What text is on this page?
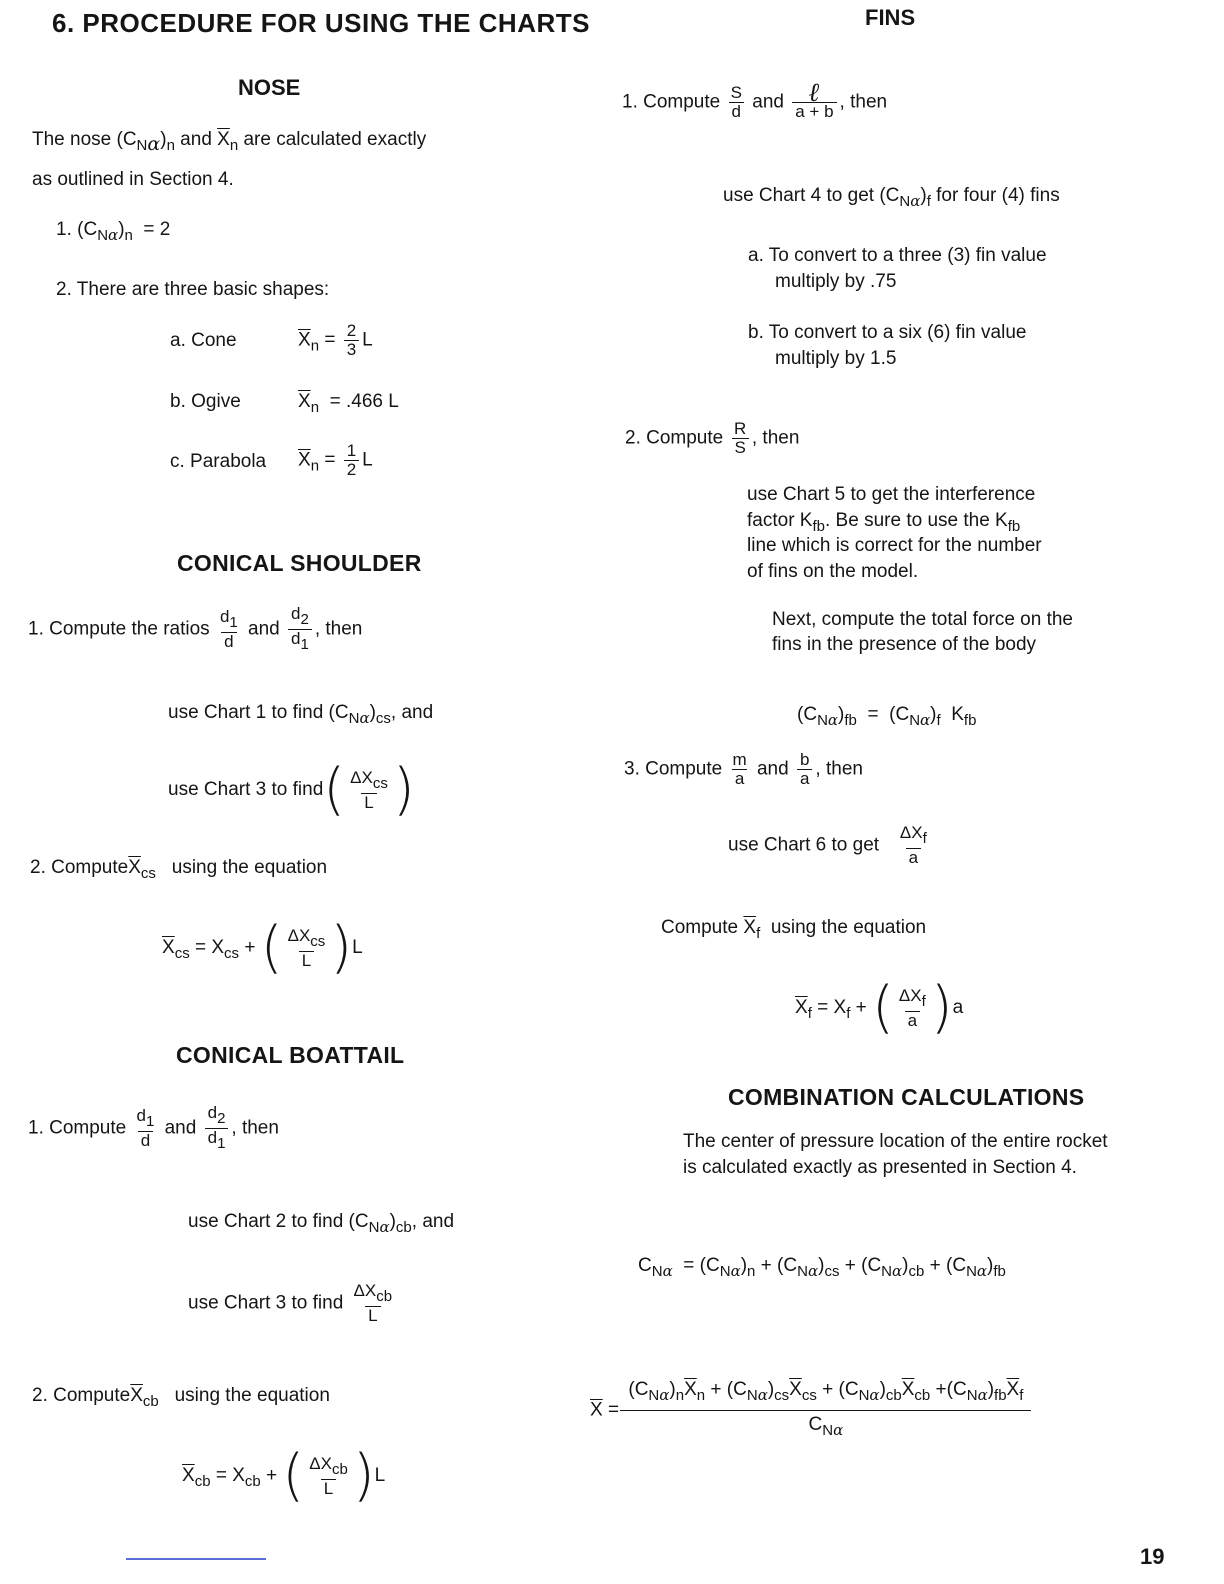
6. PROCEDURE FOR USING THE CHARTS
NOSE
The nose $(C_N\alpha)_n$ and $\overline{X}_n$ are calculated exactly
as outlined in Section 4.
1. $(C_{N\alpha})_n = 2$
2. There are three basic shapes:
a. Cone	$\overline{X}_n = \frac{2}{3}$ L
b. Ogive	$\overline{X}_n = .466$ L
c. Parabola $\overline{X}_n = \frac{1}{2}$ L
CONICAL SHOULDER
1. Compute the ratios $\frac{d1}{d}$ and $\frac{d2}{d1}$ , then
use Chart 1 to find $(C_{N\alpha})_{cs}$, and
use Chart 3 to find( $\frac{\text{ΔXcs}}{L}$ )
2. $Compute\overline{X}_{cs}$ using the equation
$\overline{X}_{cs} = X_{cs}$ + ( $\frac{\text{ΔXcs}}{L} )L$
CONICAL BOATTAIL
1. Compute $\frac{d1}{d}$ and $\frac{d2}{d1}$ , then
use Chart 2 to find $(C_{N\alpha})_{cb}$, and
use Chart 3 to find $\frac{\text{ΔXcb}}{L}$
2. $Compute\overline{X}_{cb}$ using the equation
$\overline{X}_{cb} = X_{cb}$ + ( $\frac{\text{ΔXcb}}{L} )L$
FINS
1. Compute $\frac{S}{d}$ and $\frac{\text{ℓ}}{a + b}$ , then
use Chart 4 to get $(C_{N\alpha})_f$ for four (4) fins
a. To convert to a three (3) fin value
multiply by .75
b. To convert to a six (6) fin value
multiply by 1.5
2. Compute $\frac{R}{S}$ , then
use Chart 5 to get the interference
factor $K_{fb}$. Be sure to use the $K_{fb}$
line which is correct for the number
of fins on the model.
Next, compute the total force on the
fins in the presence of the body
$(C_{N\alpha})_{fb} = (C_{N\alpha})_f$ $K_{fb}$
3. Compute $\frac{m}{a}$ and $\frac{b}{a}$ , then
use Chart 6 to get $\frac{\text{ΔXf}}{a}$
Compute $\overline{X}_f$ using the equation
$\overline{X}_f = X_f$ + ( $\frac{\text{ΔXf}}{a} )a$
COMBINATION CALCULATIONS
The center of pressure location of the entire rocket
is calculated exactly as presented in Section 4.
$C_{N\alpha} = (C_{N\alpha})_n + (C_{N\alpha})_{cs} + (C_{N\alpha})_{cb} + (C_{N\alpha})_{fb}$
$\overline{X} = \frac{(C_{N\alpha})_n\overline{X}_n + (C_{N\alpha})_{cs}\overline{X}_{cs} + (C_{N\alpha})_{cb}\overline{X}_{cb} +(C_{N\alpha})_{fb}\overline{X}_f}{C_{N\alpha}}$
19
